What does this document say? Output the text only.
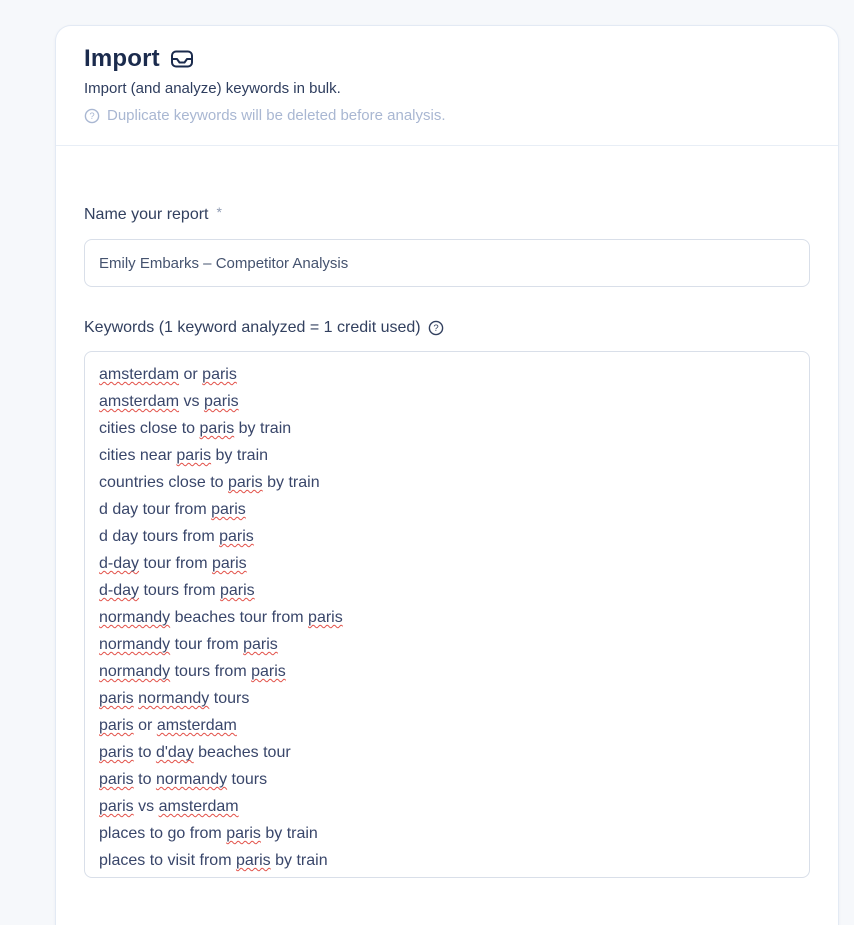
Import

Import (and analyze) keywords in bulk.

? Duplicate keywords will be deleted before analysis.

Name your report *
Emily Embarks – Competitor Analysis
Keywords (1 keyword analyzed = 1 credit used) ?
amsterdam or paris
amsterdam vs paris
cities close to paris by train
cities near paris by train
countries close to paris by train
d day tour from paris
d day tours from paris
d-day tour from paris
d-day tours from paris
normandy beaches tour from paris
normandy tour from paris
normandy tours from paris
paris normandy tours
paris or amsterdam
paris to d'day beaches tour
paris to normandy tours
paris vs amsterdam
places to go from paris by train
places to visit from paris by train
